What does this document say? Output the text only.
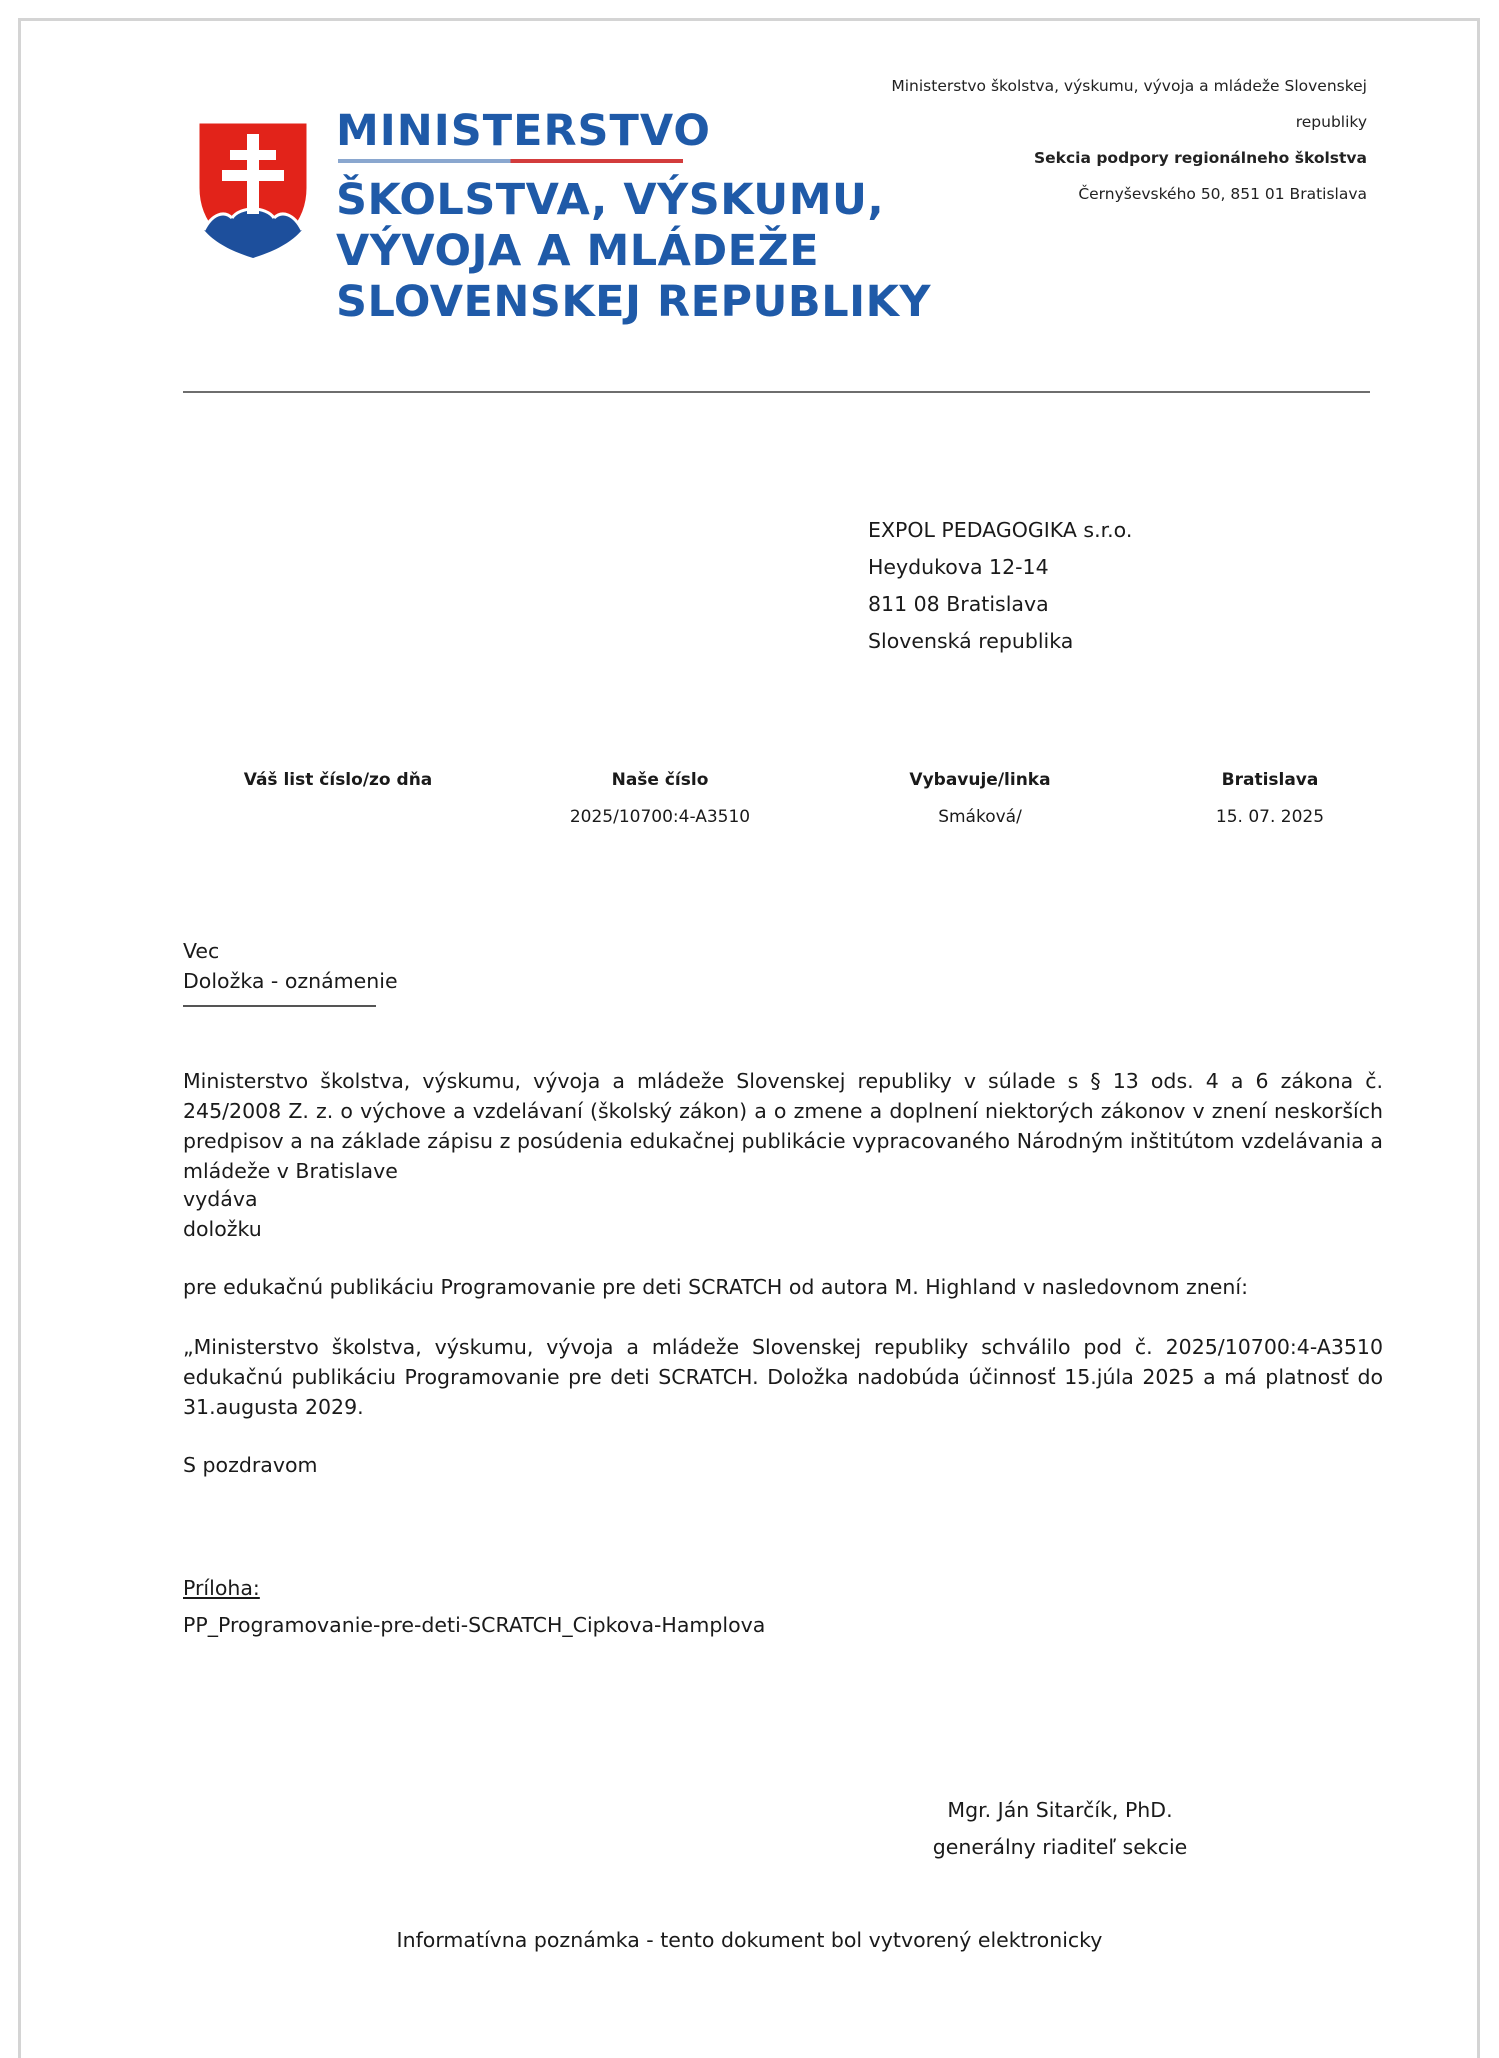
MINISTERSTVO
ŠKOLSTVA, VÝSKUMU,
VÝVOJA A MLÁDEŽE
SLOVENSKEJ REPUBLIKY
Ministerstvo školstva, výskumu, vývoja a mládeže Slovenskej
republiky
Sekcia podpory regionálneho školstva
Černyševského 50, 851 01 Bratislava
EXPOL PEDAGOGIKA s.r.o.
Heydukova 12-14
811 08 Bratislava
Slovenská republika
Váš list číslo/zo dňa	Naše číslo
2025/10700:4-A3510
Vybavuje/linka
Smáková/
Bratislava
15. 07. 2025
Vec
Doložka - oznámenie
Ministerstvo školstva, výskumu, vývoja a mládeže Slovenskej republiky v súlade s § 13 ods. 4 a 6 zákona č. 245/2008 Z. z. o výchove a vzdelávaní (školský zákon) a o zmene a doplnení niektorých zákonov v znení neskorších predpisov a na základe zápisu z posúdenia edukačnej publikácie vypracovaného Národným inštitútom vzdelávania a mládeže v Bratislave
vydáva
doložku
pre edukačnú publikáciu Programovanie pre deti SCRATCH od autora M. Highland v nasledovnom znení:
„Ministerstvo školstva, výskumu, vývoja a mládeže Slovenskej republiky schválilo pod č. 2025/10700:4-A3510 edukačnú publikáciu Programovanie pre deti SCRATCH. Doložka nadobúda účinnosť 15.júla 2025 a má platnosť do 31.augusta 2029.
S pozdravom
Príloha:
PP_Programovanie-pre-deti-SCRATCH_Cipkova-Hamplova
Mgr. Ján Sitarčík, PhD.
generálny riaditeľ sekcie
Informatívna poznámka - tento dokument bol vytvorený elektronicky
